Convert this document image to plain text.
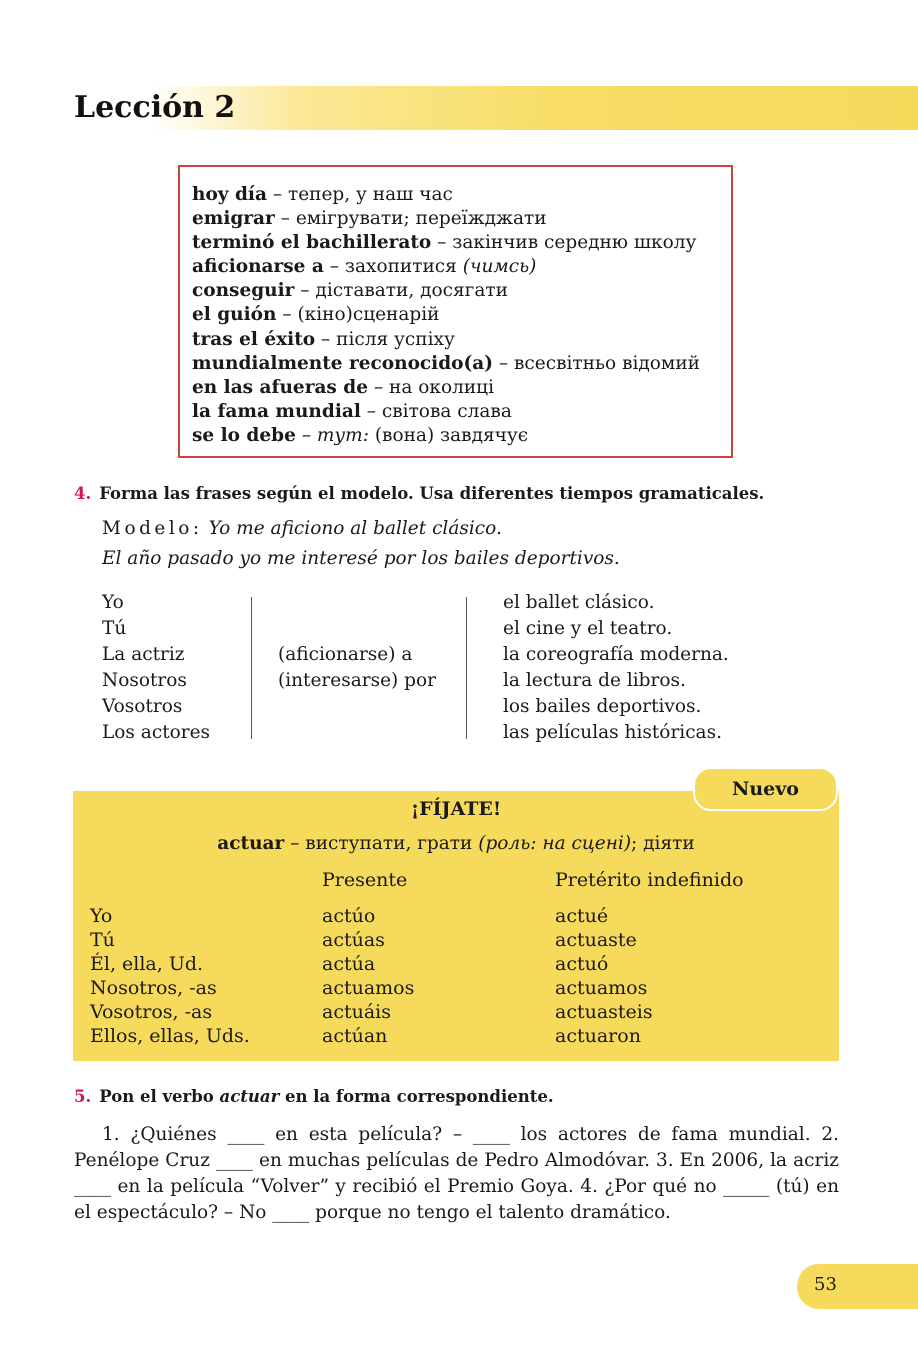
Lección 2
hoy día – тепер, у наш час
emigrar – емігрувати; переїжджати
terminó el bachillerato – закінчив середню школу
aficionarse a – захопитися (чимсь)
conseguir – діставати, досягати
el guión – (кіно)сценарій
tras el éxito – після успіху
mundialmente reconocido(a) – всесвітньо відомий
en las afueras de – на околиці
la fama mundial – світова слава
se lo debe – тут: (вона) завдячує

4. Forma las frases según el modelo. Usa diferentes tiempos gramaticales.

Modelo: Yo me aficiono al ballet clásico.
El año pasado yo me interesé por los bailes deportivos.
Yo
Tú
La actriz
Nosotros
Vosotros
Los actores
(aficionarse) a
(interesarse) por
el ballet clásico.
el cine y el teatro.
la coreografía moderna.
la lectura de libros.
los bailes deportivos.
las películas históricas.
Nuevo

¡FÍJATE!

actuar – виступати, грати (роль: на сцені); діяти
Presente	Pretérito indefinido
Yo
Tú
Él, ella, Ud.
Nosotros, -as
Vosotros, -as
Ellos, ellas, Uds.
actúo
actúas
actúa
actuamos
actuáis
actúan
actué
actuaste
actuó
actuamos
actuasteis
actuaron

5. Pon el verbo actuar en la forma correspondiente.

1. ¿Quiénes ____ en esta película? – ____ los actores de fama mundial. 2. Penélope Cruz ____ en muchas películas de Pedro Almodóvar. 3. En 2006, la acriz ____ en la película “Volver” y recibió el Premio Goya. 4. ¿Por qué no _____ (tú) en el espectáculo? – No ____ porque no tengo el talento dramático.

53
